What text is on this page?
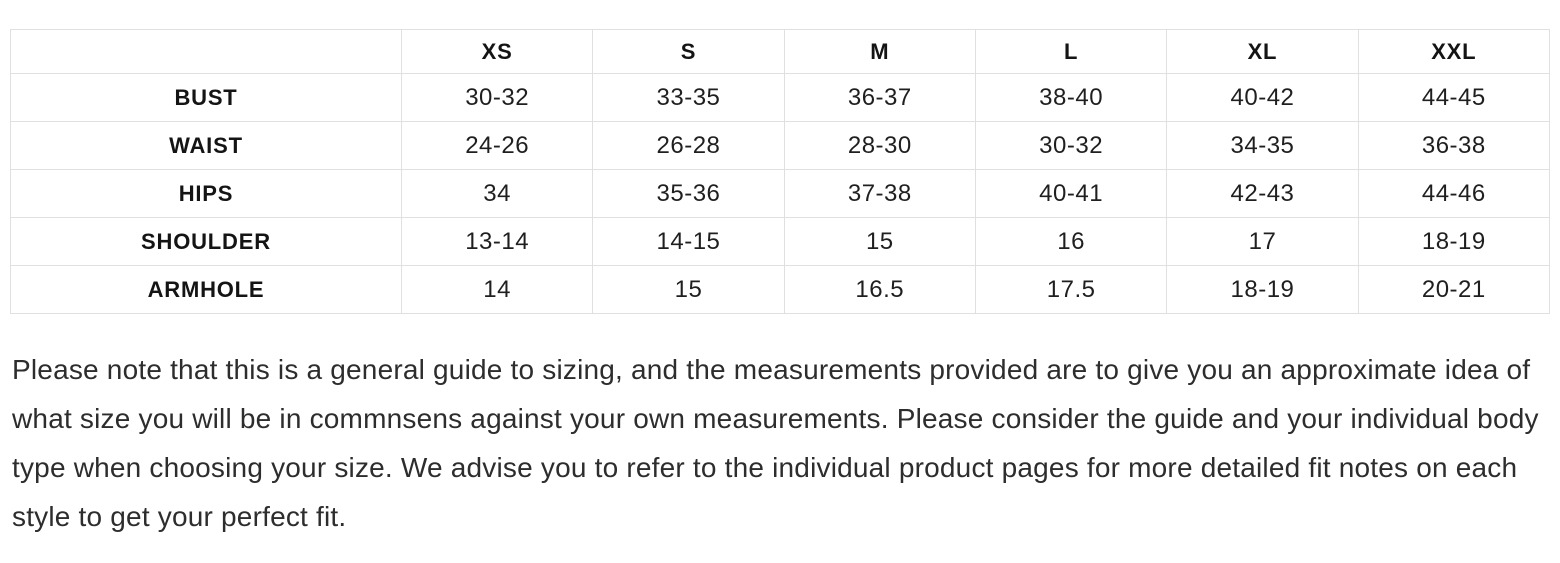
	XS	S	M	L	XL	XXL
BUST	30-32	33-35	36-37	38-40	40-42	44-45
WAIST	24-26	26-28	28-30	30-32	34-35	36-38
HIPS	34	35-36	37-38	40-41	42-43	44-46
SHOULDER	13-14	14-15	15	16	17	18-19
ARMHOLE	14	15	16.5	17.5	18-19	20-21

Please note that this is a general guide to sizing, and the measurements provided are to give you an approximate idea of what size you will be in commnsens against your own measurements. Please consider the guide and your individual body type when choosing your size. We advise you to refer to the individual product pages for more detailed fit notes on each style to get your perfect fit.
